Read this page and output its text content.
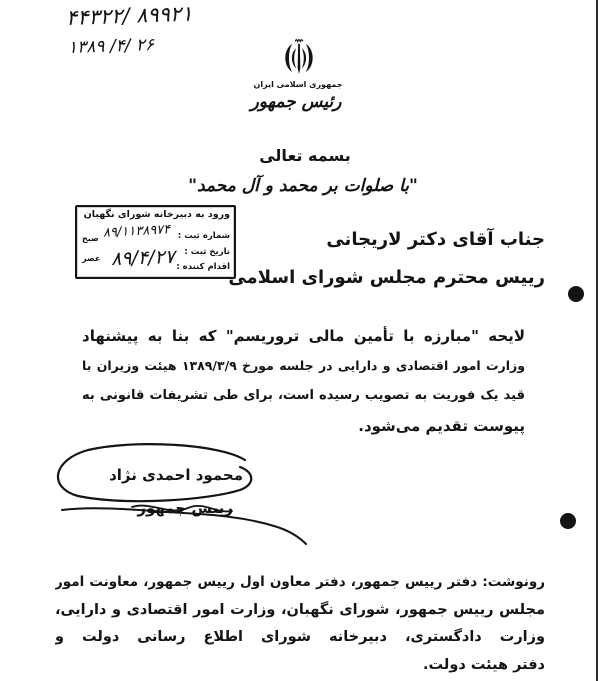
۴۴۳۲۲/ ۸۹۹۲۱
۱۳۸۹ /۴/ ۲۶
جمهوری اسلامی ایران
رئیس جمهور
بسمه تعالی
"با صلوات بر محمد و آل محمد"
ورود به دبیرخانه شورای نگهبان
شماره ثبت :
تاریخ ثبت :
اقدام کننده :
صبح
عصر
۸۹/۱۱۳۸۹۷۴
۸۹/۴/۲۷
جناب آقای دکتر لاریجانی
رییس محترم مجلس شورای اسلامی
لایحه "مبارزه با تأمین مالی تروریسم" که بنا به پیشنهاد
وزارت امور اقتصادی و دارایی در جلسه مورخ ۱۳۸۹/۳/۹ هیئت وزیران با
قید یک فوریت به تصویب رسیده است، برای طی تشریفات قانونی به
پیوست تقدیم می‌شود.
محمود احمدی نژاد
رییس جمهور
رونوشت: دفتر رییس جمهور، دفتر معاون اول رییس جمهور، معاونت امور
مجلس رییس جمهور، شورای نگهبان، وزارت امور اقتصادی و دارایی،
وزارت دادگستری، دبیرخانه شورای اطلاع رسانی دولت و
دفتر هیئت دولت.
